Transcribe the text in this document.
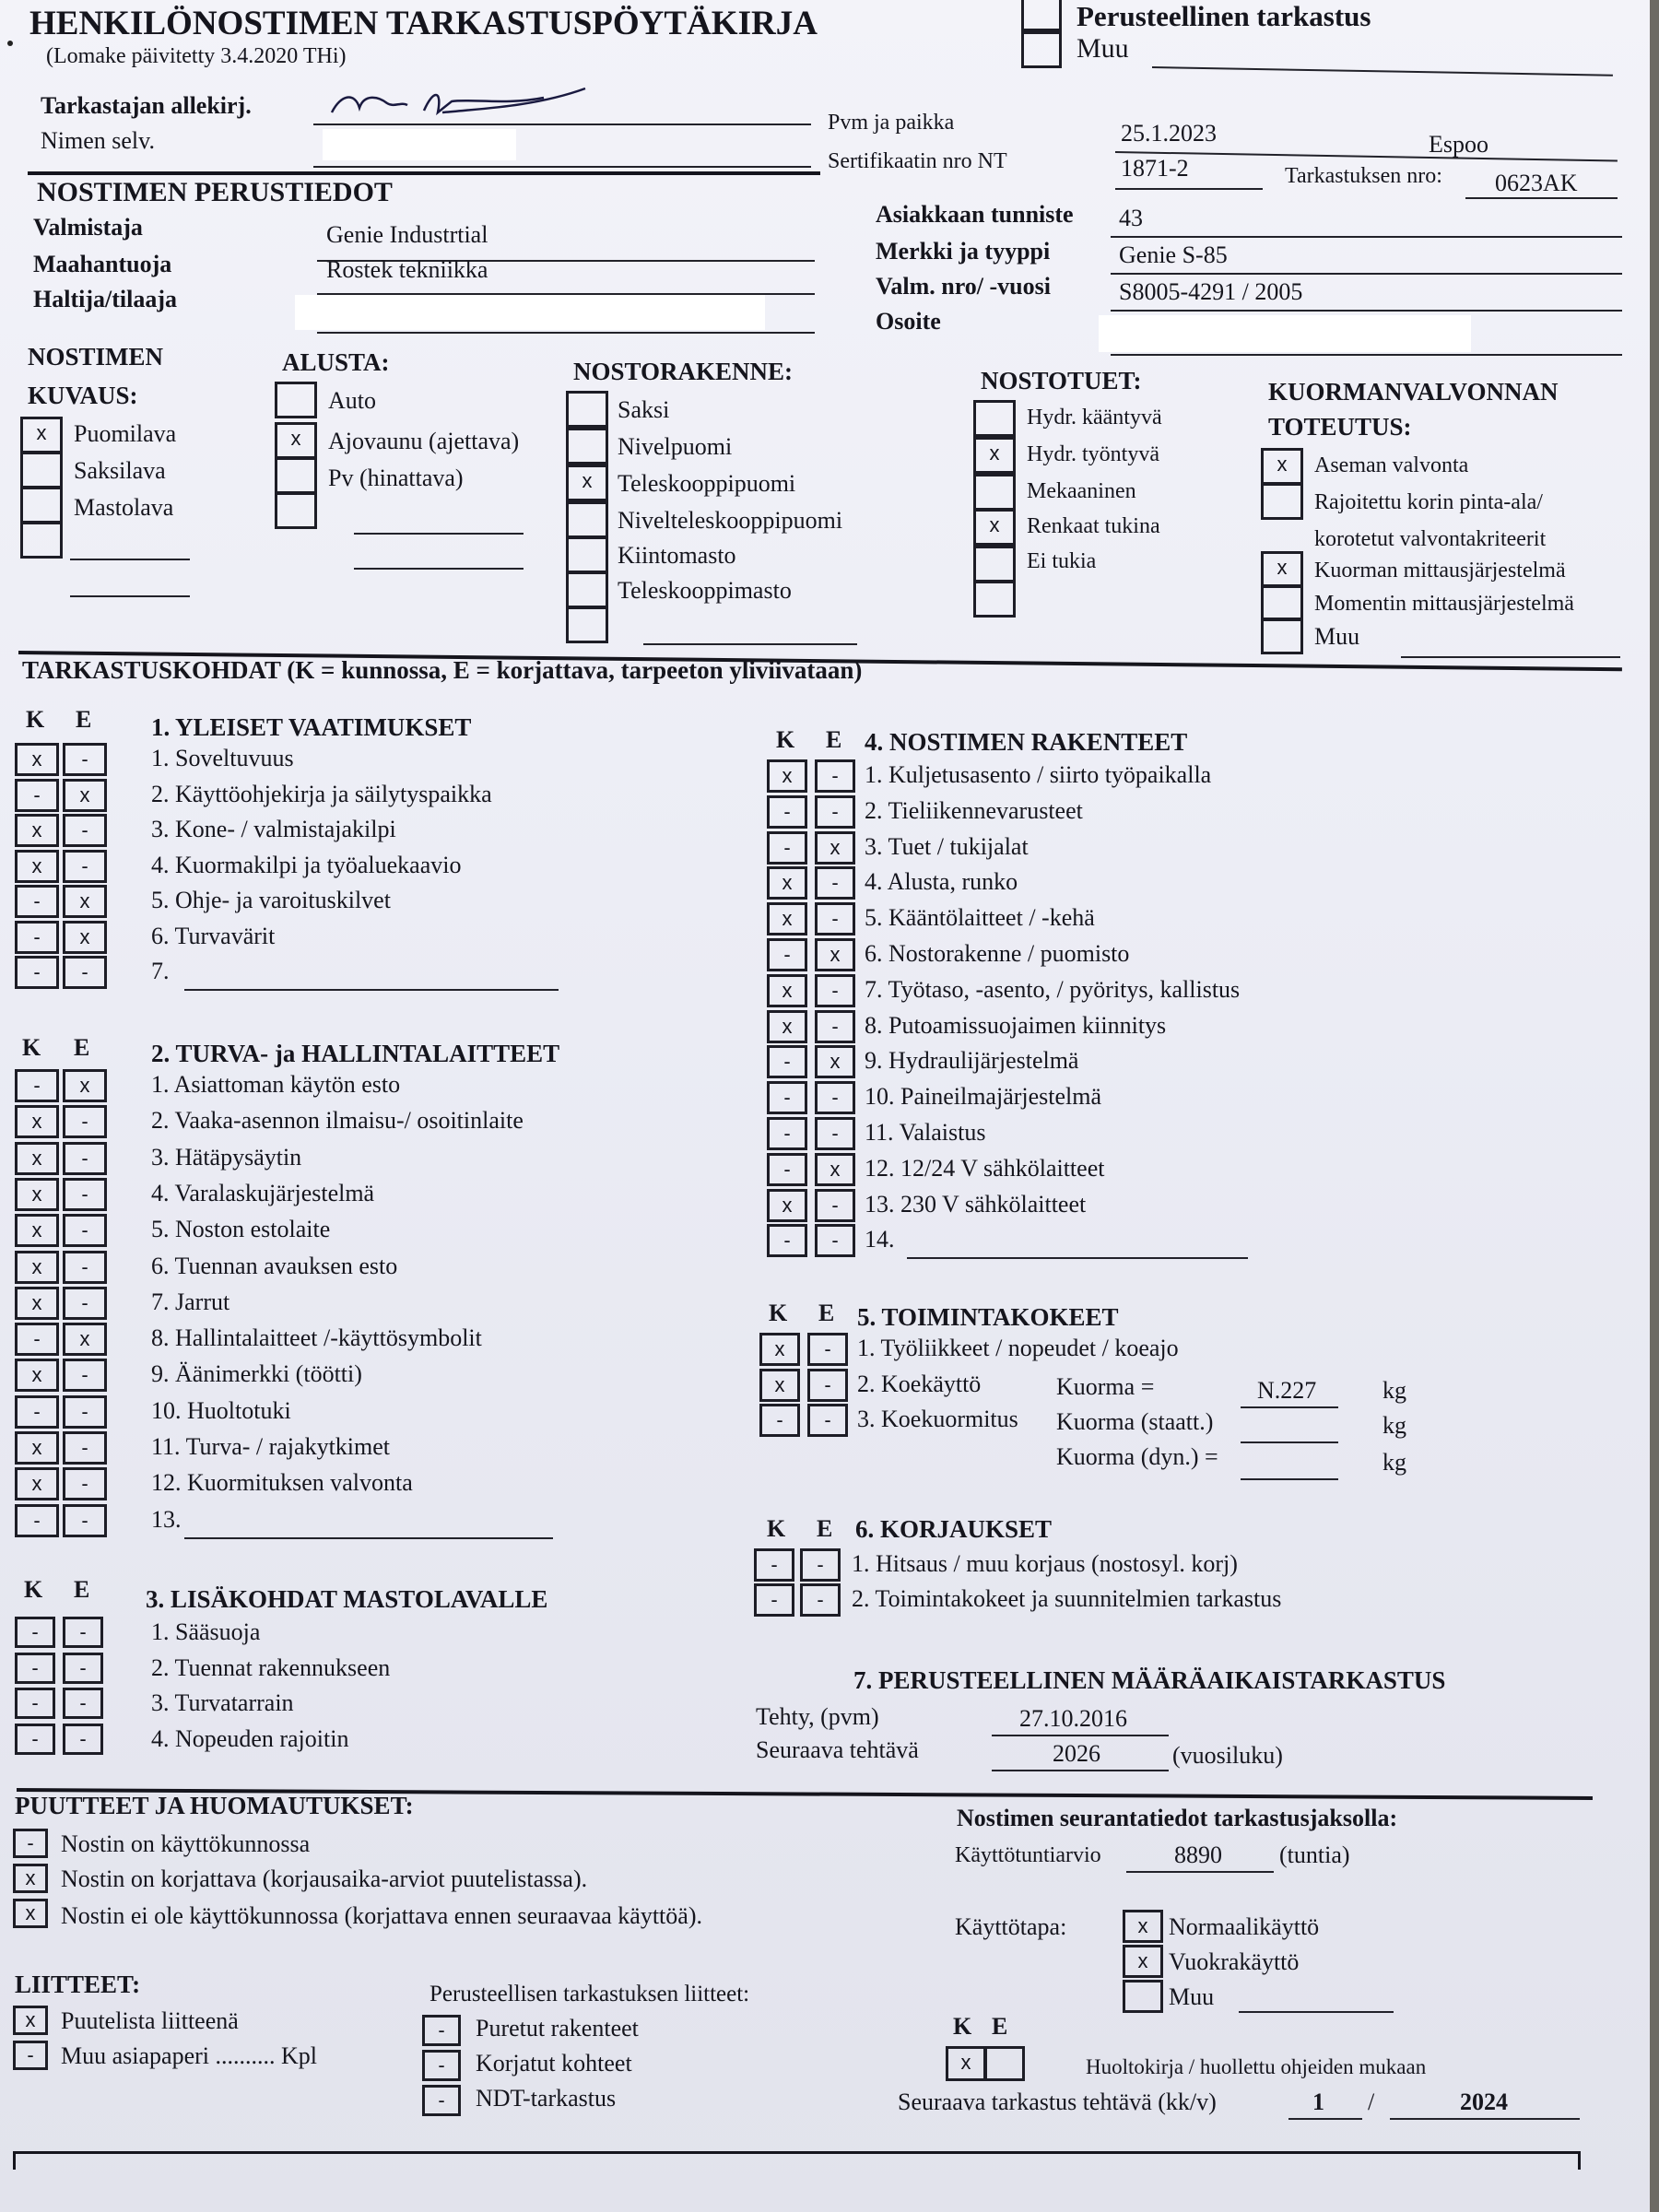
HENKILÖNOSTIMEN TARKASTUSPÖYTÄKIRJA
(Lomake päivitetty 3.4.2020 THi)
Perusteellinen tarkastus
Muu
Tarkastajan allekirj.
Nimen selv.
Pvm ja paikka	25.1.2023	Espoo
Sertifikaatin nro NT	1871-2	Tarkastuksen nro: 0623AK
NOSTIMEN PERUSTIEDOT
Valmistaja	Genie Industrtial
Maahantuoja	Rostek tekniikka
Haltija/tilaaja
Asiakkaan tunniste 43
Merkki ja tyyppi	Genie S-85
Valm. nro/ -vuosi	S8005-4291 / 2005
Osoite
NOSTIMEN
KUVAUS:
x	Puomilava
Saksilava
Mastolava
ALUSTA:
Auto
x	Ajovaunu (ajettava)
Pv (hinattava)
NOSTORAKENNE:
Saksi
Nivelpuomi
x	Teleskooppipuomi
Nivelteleskooppipuomi
Kiintomasto
Teleskooppimasto
NOSTOTUET:
Hydr. kääntyvä
x	Hydr. työntyvä
Mekaaninen
x	Renkaat tukina
Ei tukia
KUORMANVALVONNAN
TOTEUTUS:
x	Aseman valvonta
Rajoitettu korin pinta-ala/
korotetut valvontakriteerit
x	Kuorman mittausjärjestelmä
Momentin mittausjärjestelmä
Muu
TARKASTUSKOHDAT (K = kunnossa, E = korjattava, tarpeeton yliviivataan)
K E 1. YLEISET VAATIMUKSET
x	-	1. Soveltuvuus
-	x	2. Käyttöohjekirja ja säilytyspaikka
x	-	3. Kone- / valmistajakilpi
x	-	4. Kuormakilpi ja työaluekaavio
-	x	5. Ohje- ja varoituskilvet
-	x	6. Turvavärit
-	-	7.
K E 2. TURVA- ja HALLINTALAITTEET
-	x	1. Asiattoman käytön esto
x	-	2. Vaaka-asennon ilmaisu-/ osoitinlaite
x	-	3. Hätäpysäytin
x	-	4. Varalaskujärjestelmä
x	-	5. Noston estolaite
x	-	6. Tuennan avauksen esto
x	-	7. Jarrut
-	x	8. Hallintalaitteet /-käyttösymbolit
x	-	9. Äänimerkki (töötti)
-	-	10. Huoltotuki
x	-	11. Turva- / rajakytkimet
x	-	12. Kuormituksen valvonta
-	-	13.
K E 3. LISÄKOHDAT MASTOLAVALLE
-	-	1. Sääsuoja
-	-	2. Tuennat rakennukseen
-	-	3. Turvatarrain
-	-	4. Nopeuden rajoitin
K E 4. NOSTIMEN RAKENTEET
x	-	1. Kuljetusasento / siirto työpaikalla
-	-	2. Tieliikennevarusteet
-	x	3. Tuet / tukijalat
x	-	4. Alusta, runko
x	-	5. Kääntölaitteet / -kehä
-	x	6. Nostorakenne / puomisto
x	-	7. Työtaso, -asento, / pyöritys, kallistus
x	-	8. Putoamissuojaimen kiinnitys
-	x	9. Hydraulijärjestelmä
-	-	10. Paineilmajärjestelmä
-	-	11. Valaistus
-	x	12. 12/24 V sähkölaitteet
x	-	13. 230 V sähkölaitteet
-	-	14.
K E 5. TOIMINTAKOKEET
x	-	1. Työliikkeet / nopeudet / koeajo
x	-	2. Koekäyttö
-	-	3. Koekuormitus
Kuorma =	N.227	kg
Kuorma (staatt.)	kg
Kuorma (dyn.) =	kg
K E 6. KORJAUKSET
-	-	1. Hitsaus / muu korjaus (nostosyl. korj)
-	-	2. Toimintakokeet ja suunnitelmien tarkastus
7. PERUSTEELLINEN MÄÄRÄAIKAISTARKASTUS
Tehty, (pvm)	27.10.2016
Seuraava tehtävä	2026	(vuosiluku)
PUUTTEET JA HUOMAUTUKSET:
-	Nostin on käyttökunnossa
x	Nostin on korjattava (korjausaika-arviot puutelistassa).
x	Nostin ei ole käyttökunnossa (korjattava ennen seuraavaa käyttöä).
Nostimen seurantatiedot tarkastusjaksolla:
Käyttötuntiarvio	8890 (tuntia)
Käyttötapa:	x Normaalikäyttö
x Vuokrakäyttö
Muu
LIITTEET:
x	Puutelista liitteenä
-	Muu asiapaperi .......... Kpl
Perusteellisen tarkastuksen liitteet:
-	Puretut rakenteet
-	Korjatut kohteet
-	NDT-tarkastus
K E
x	Huoltokirja / huollettu ohjeiden mukaan
Seuraava tarkastus tehtävä (kk/v)	1 /	2024
